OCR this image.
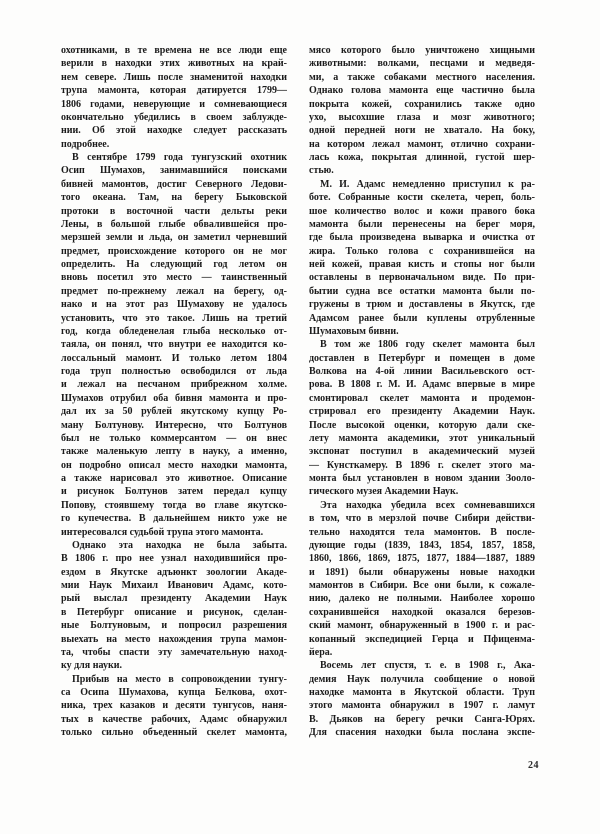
охотниками, в те времена не все люди еще
верили в находки этих животных на край-
нем севере. Лишь после знаменитой находки
трупа мамонта, которая датируется 1799—
1806 годами, неверующие и сомневающиеся
окончательно убедились в своем заблужде-
нии. Об этой находке следует рассказать
подробнее.
В сентябре 1799 года тунгузский охотник
Осип Шумахов, занимавшийся поисками
бивней мамонтов, достиг Северного Ледови-
того океана. Там, на берегу Быковской
протоки в восточной части дельты реки
Лены, в большой глыбе обвалившейся про-
мерзшей земли и льда, он заметил черневший
предмет, происхождение которого он не мог
определить. На следующий год летом он
вновь посетил это место — таинственный
предмет по-прежнему лежал на берегу, од-
нако и на этот раз Шумахову не удалось
установить, что это такое. Лишь на третий
год, когда обледенелая глыба несколько от-
таяла, он понял, что внутри ее находится ко-
лоссальный мамонт. И только летом 1804
года труп полностью освободился от льда
и лежал на песчаном прибрежном холме.
Шумахов отрубил оба бивня мамонта и про-
дал их за 50 рублей якутскому купцу Ро-
ману Болтунову. Интересно, что Болтунов
был не только коммерсантом — он внес
также маленькую лепту в науку, а именно,
он подробно описал место находки мамонта,
а также нарисовал это животное. Описание
и рисунок Болтунов затем передал купцу
Попову, стоявшему тогда во главе якутско-
го купечества. В дальнейшем никто уже не
интересовался судьбой трупа этого мамонта.
Однако эта находка не была забыта.
В 1806 г. про нее узнал находившийся про-
ездом в Якутске адъюнкт зоологии Акаде-
мии Наук Михаил Иванович Адамс, кото-
рый выслал президенту Академии Наук
в Петербург описание и рисунок, сделан-
ные Болтуновым, и попросил разрешения
выехать на место нахождения трупа мамон-
та, чтобы спасти эту замечательную наход-
ку для науки.
Прибыв на место в сопровождении тунгу-
са Осипа Шумахова, купца Белкова, охот-
ника, трех казаков и десяти тунгусов, наня-
тых в качестве рабочих, Адамс обнаружил
только сильно объеденный скелет мамонта,
мясо которого было уничтожено хищными
животными: волками, песцами и медведя-
ми, а также собаками местного населения.
Однако голова мамонта еще частично была
покрыта кожей, сохранились также одно
ухо, высохшие глаза и мозг животного;
одной передней ноги не хватало. На боку,
на котором лежал мамонт, отлично сохрани-
лась кожа, покрытая длинной, густой шер-
стью.
М. И. Адамс немедленно приступил к ра-
боте. Собранные кости скелета, череп, боль-
шое количество волос и кожи правого бока
мамонта были перенесены на берег моря,
где была произведена выварка и очистка от
жира. Только голова с сохранившейся на
ней кожей, правая кисть и стопы ног были
оставлены в первоначальном виде. По при-
бытии судна все остатки мамонта были по-
гружены в трюм и доставлены в Якутск, где
Адамсом ранее были куплены отрубленные
Шумаховым бивни.
В том же 1806 году скелет мамонта был
доставлен в Петербург и помещен в доме
Волкова на 4-ой линии Васильевского ост-
рова. В 1808 г. М. И. Адамс впервые в мире
смонтировал скелет мамонта и продемон-
стрировал его президенту Академии Наук.
После высокой оценки, которую дали ске-
лету мамонта академики, этот уникальный
экспонат поступил в академический музей
— Кунсткамеру. В 1896 г. скелет этого ма-
монта был установлен в новом здании Зооло-
гического музея Академии Наук.
Эта находка убедила всех сомневавшихся
в том, что в мерзлой почве Сибири действи-
тельно находятся тела мамонтов. В после-
дующие годы (1839, 1843, 1854, 1857, 1858,
1860, 1866, 1869, 1875, 1877, 1884—1887, 1889
и 1891) были обнаружены новые находки
мамонтов в Сибири. Все они были, к сожале-
нию, далеко не полными. Наиболее хорошо
сохранившейся находкой оказался березов-
ский мамонт, обнаруженный в 1900 г. и рас-
копанный экспедицией Герца и Пфиценма-
йера.
Восемь лет спустя, т. е. в 1908 г., Ака-
демия Наук получила сообщение о новой
находке мамонта в Якутской области. Труп
этого мамонта обнаружил в 1907 г. ламут
В. Дьяков на берегу речки Санга-Юрях.
Для спасения находки была послана экспе-
24
